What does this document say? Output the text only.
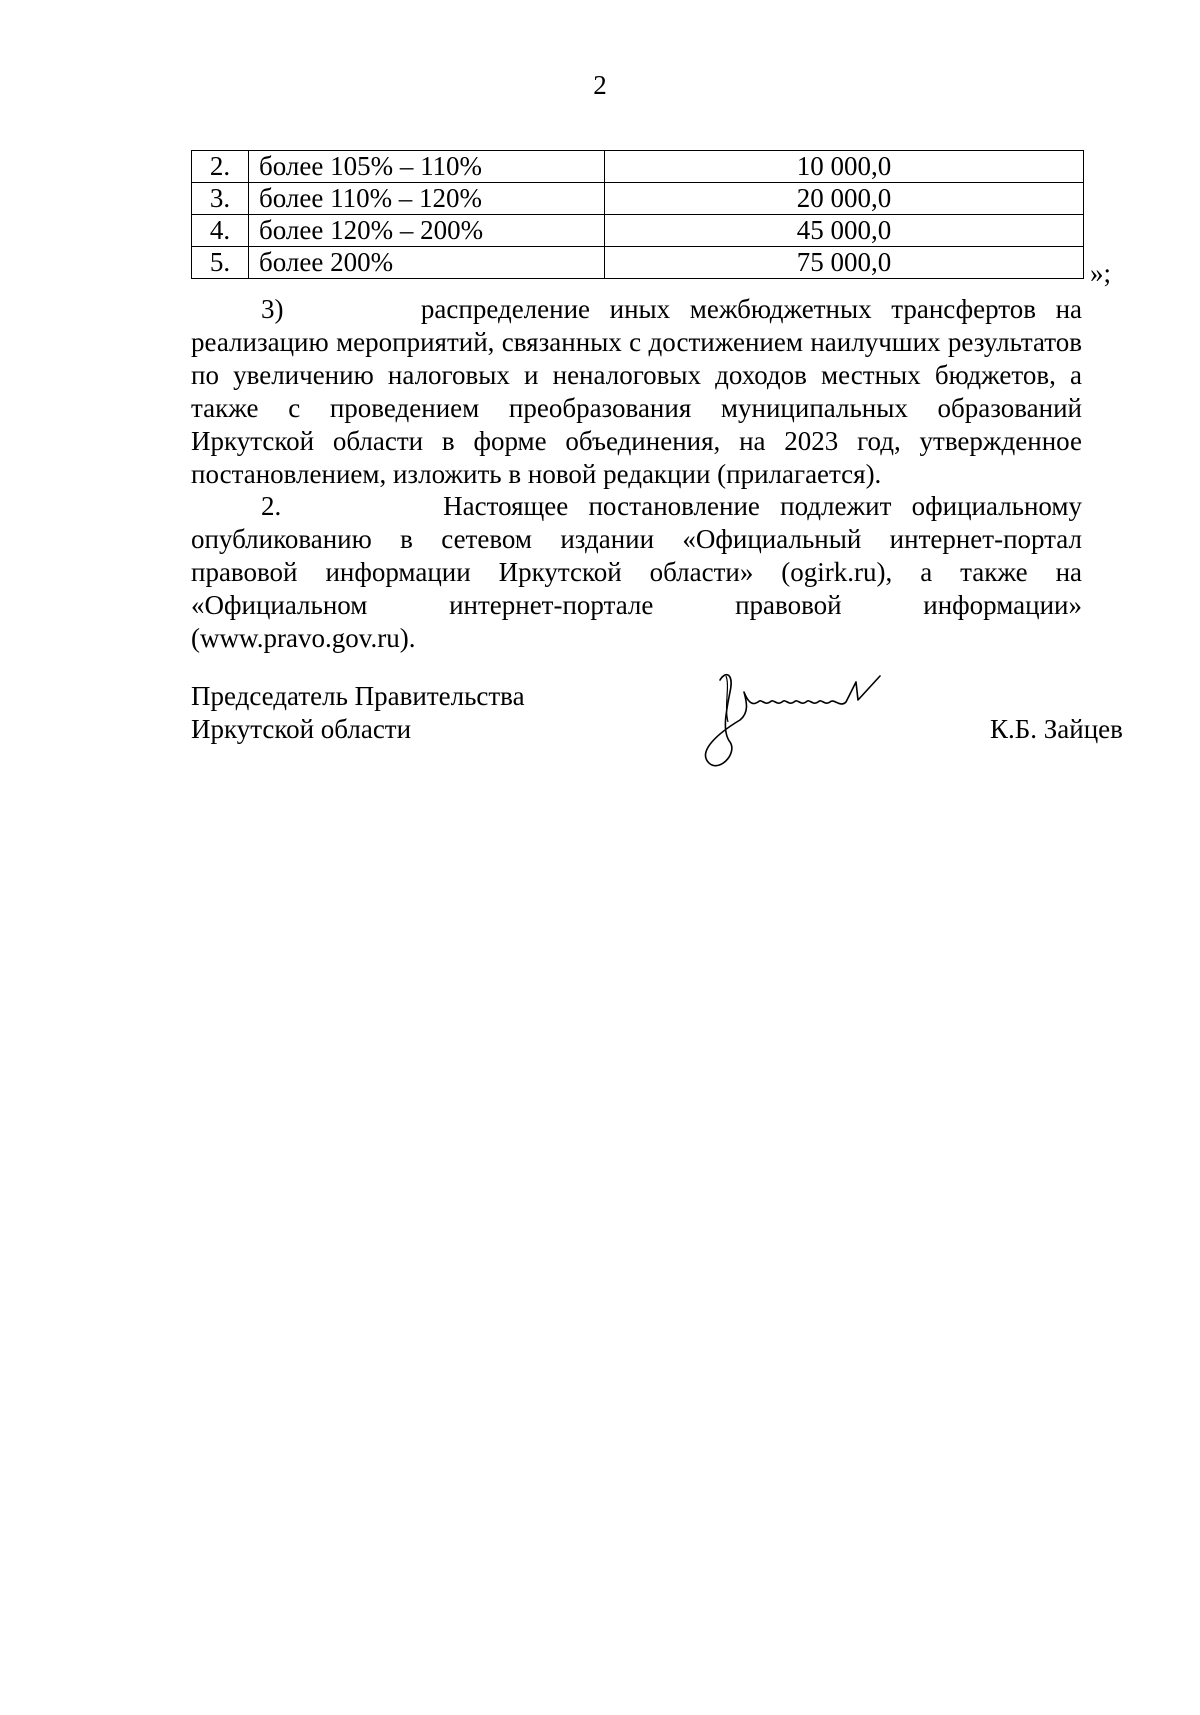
2
2.	более 105% – 110%	10 000,0
3.	более 110% – 120%	20 000,0
4.	более 120% – 200%	45 000,0
5.	более 200%	75 000,0	»;

3)	распределение иных межбюджетных трансфертов на реализацию мероприятий, связанных с достижением наилучших результатов по увеличению налоговых и неналоговых доходов местных бюджетов, а также с проведением преобразования муниципальных образований Иркутской области в форме объединения, на 2023 год, утвержденное постановлением, изложить в новой редакции (прилагается).

2.	Настоящее постановление подлежит официальному опубликованию в сетевом издании «Официальный интернет-портал правовой информации Иркутской области» (ogirk.ru), а также на «Официальном интернет-портале правовой информации» (www.pravo.gov.ru).

Председатель Правительства
Иркутской области	К.Б. Зайцев
